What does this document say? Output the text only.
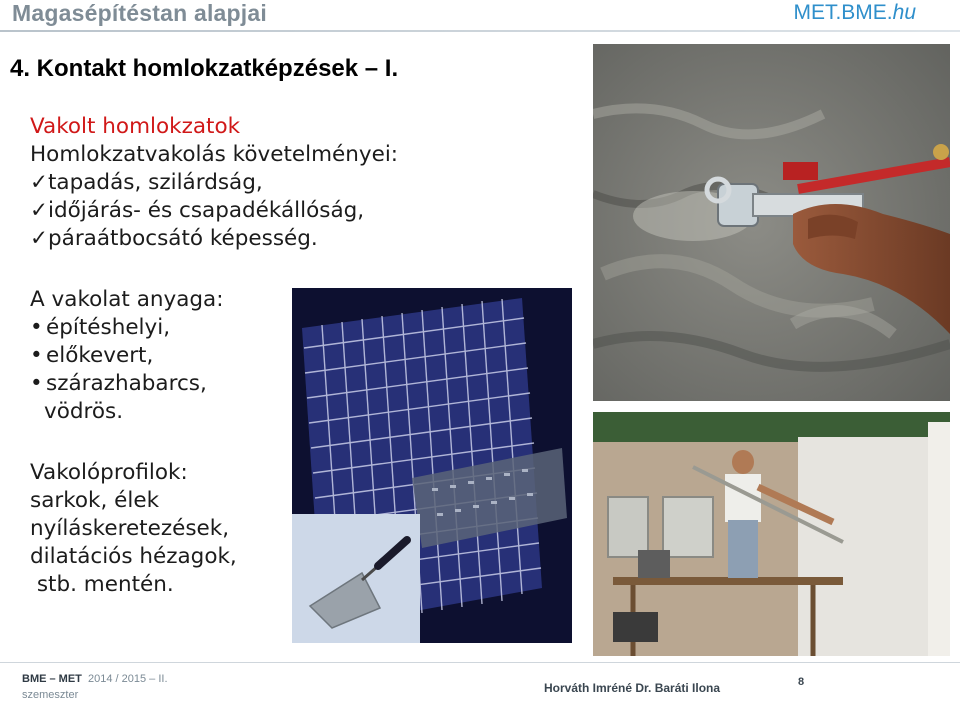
Magasépítéstan alapjai	MET.BME.hu
4. Kontakt homlokzatképzések – I.
Vakolt homlokzatok
Homlokzatvakolás követelményei:
✓tapadás, szilárdság,
✓időjárás- és csapadékállóság,
✓páraátbocsátó képesség.
A vakolat anyaga:
• építéshelyi,
• előkevert,
• szárazhabarcs,
vödrös.
Vakolóprofilok:
sarkok, élek
nyíláskeretezések,
dilatációs hézagok,
stb. mentén.
BME – MET  2014 / 2015 – II.
szemeszter	Horváth Imréné Dr. Baráti Ilona	8
